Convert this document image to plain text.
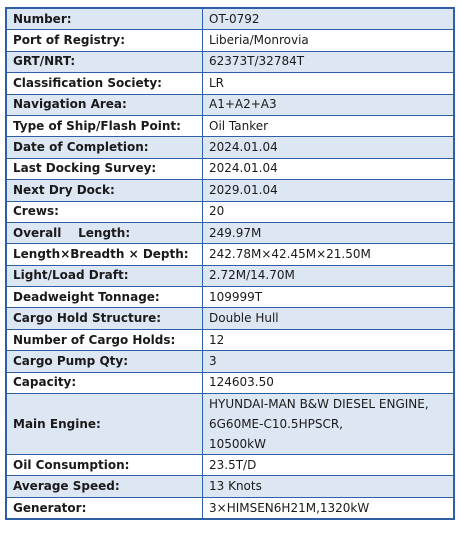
Number:	OT-0792
Port of Registry:	Liberia/Monrovia
GRT/NRT:	62373T/32784T
Classification Society:	LR
Navigation Area:	A1+A2+A3
Type of Ship/Flash Point:	Oil Tanker
Date of Completion:	2024.01.04
Last Docking Survey:	2024.01.04
Next Dry Dock:	2029.01.04
Crews:	20
Overall    Length:	249.97M
Length×Breadth × Depth:	242.78M×42.45M×21.50M
Light/Load Draft:	2.72M/14.70M
Deadweight Tonnage:	109999T
Cargo Hold Structure:	Double Hull
Number of Cargo Holds:	12
Cargo Pump Qty:	3
Capacity:	124603.50
Main Engine:	HYUNDAI-MAN B&W DIESEL ENGINE,
6G60ME-C10.5HPSCR,
10500kW

Oil Consumption:	23.5T/D
Average Speed:	13 Knots
Generator:	3×HIMSEN6H21M,1320kW
